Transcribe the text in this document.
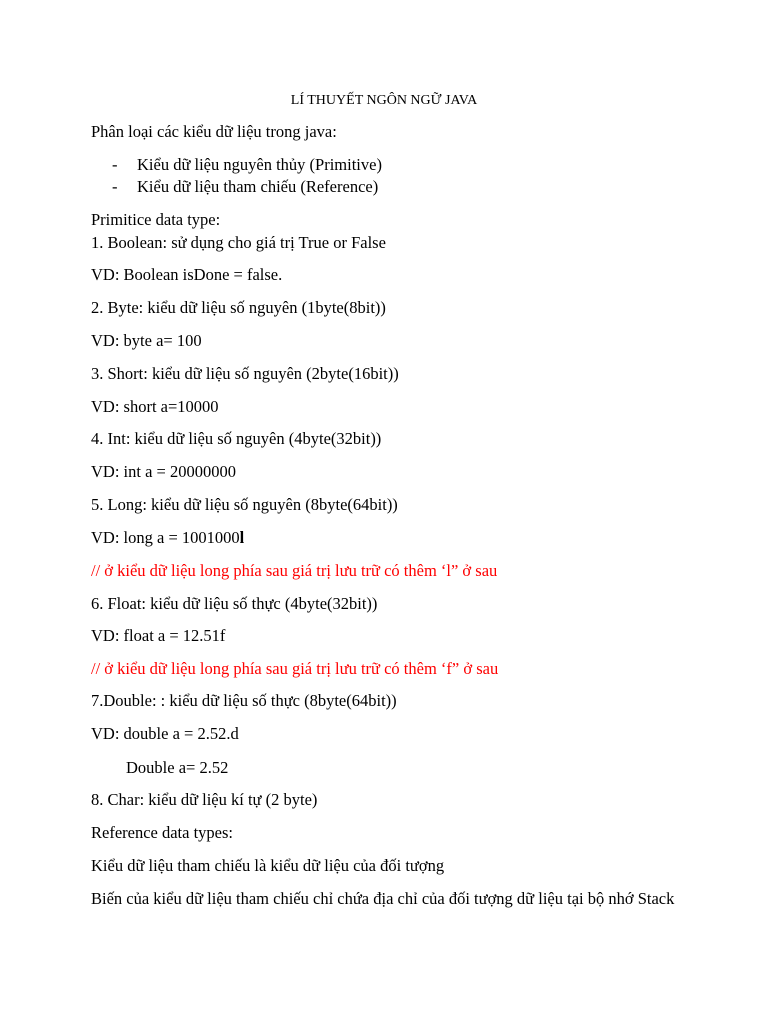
LÍ THUYẾT NGÔN NGỮ JAVA
Phân loại các kiểu dữ liệu trong java:
- Kiểu dữ liệu nguyên thủy (Primitive)
- Kiểu dữ liệu tham chiếu (Reference)
Primitice data type:
1. Boolean: sử dụng cho giá trị True or False
VD: Boolean isDone = false.
2. Byte: kiểu dữ liệu số nguyên (1byte(8bit))
VD: byte a= 100
3. Short: kiểu dữ liệu số nguyên (2byte(16bit))
VD: short a=10000
4. Int: kiểu dữ liệu số nguyên (4byte(32bit))
VD: int a = 20000000
5. Long: kiểu dữ liệu số nguyên (8byte(64bit))
VD: long a = 1001000l
// ở kiểu dữ liệu long phía sau giá trị lưu trữ có thêm ‘l” ở sau
6. Float: kiểu dữ liệu số thực (4byte(32bit))
VD: float a = 12.51f
// ở kiểu dữ liệu long phía sau giá trị lưu trữ có thêm ‘f” ở sau
7.Double: : kiểu dữ liệu số thực (8byte(64bit))
VD: double a = 2.52.d
Double a= 2.52
8. Char: kiểu dữ liệu kí tự (2 byte)
Reference data types:
Kiểu dữ liệu tham chiếu là kiểu dữ liệu của đối tượng
Biến của kiểu dữ liệu tham chiếu chỉ chứa địa chỉ của đối tượng dữ liệu tại bộ nhớ Stack
